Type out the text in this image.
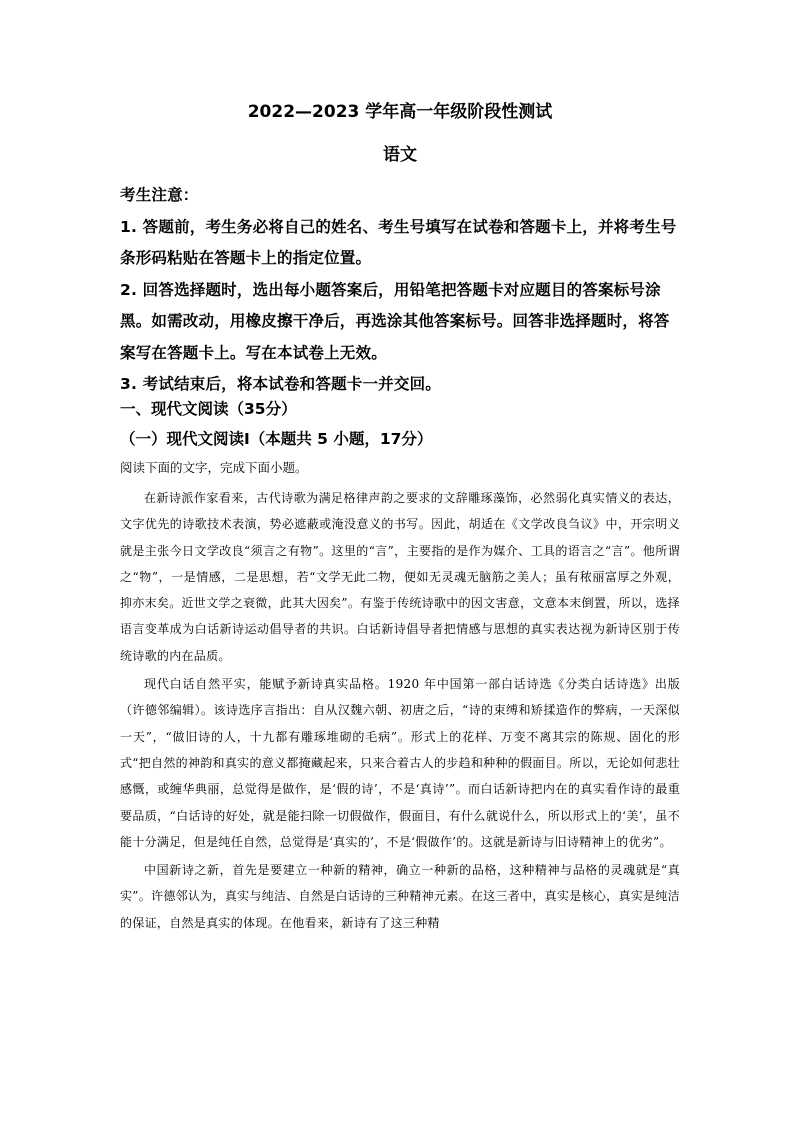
2022—2023 学年高一年级阶段性测试
语文

考生注意：

1. 答题前，考生务必将自己的姓名、考生号填写在试卷和答题卡上，并将考生号条形码粘贴在答题卡上的指定位置。

2. 回答选择题时，选出每小题答案后，用铅笔把答题卡对应题目的答案标号涂黑。如需改动，用橡皮擦干净后，再选涂其他答案标号。回答非选择题时，将答案写在答题卡上。写在本试卷上无效。

3. 考试结束后，将本试卷和答题卡一并交回。

一、现代文阅读（35分）
（一）现代文阅读Ⅰ（本题共 5 小题，17分）
阅读下面的文字，完成下面小题。

在新诗派作家看来，古代诗歌为满足格律声韵之要求的文辞雕琢藻饰，必然弱化真实情义的表达，文字优先的诗歌技术表演，势必遮蔽或淹没意义的书写。因此，胡适在《文学改良刍议》中，开宗明义就是主张今日文学改良“须言之有物”。这里的“言”，主要指的是作为媒介、工具的语言之“言”。他所谓之“物”，一是情感，二是思想，若“文学无此二物，便如无灵魂无脑筋之美人；虽有秾丽富厚之外观，抑亦末矣。近世文学之衰微，此其大因矣”。有鉴于传统诗歌中的因文害意，文意本末倒置，所以，选择语言变革成为白话新诗运动倡导者的共识。白话新诗倡导者把情感与思想的真实表达视为新诗区别于传统诗歌的内在品质。

现代白话自然平实，能赋予新诗真实品格。1920 年中国第一部白话诗选《分类白话诗选》出版（许德邻编辑）。该诗选序言指出：自从汉魏六朝、初唐之后，“诗的束缚和矫揉造作的弊病，一天深似一天”，“做旧诗的人，十九都有雕琢堆砌的毛病”。形式上的花样、万变不离其宗的陈规、固化的形式“把自然的神韵和真实的意义都掩藏起来，只来合着古人的步趋和种种的假面目。所以，无论如何悲壮感慨，或缠华典丽，总觉得是做作，是‘假的诗’，不是‘真诗’”。而白话新诗把内在的真实看作诗的最重要品质，“白话诗的好处，就是能扫除一切假做作，假面目，有什么就说什么，所以形式上的‘美’，虽不能十分满足，但是纯任自然，总觉得是‘真实的’，不是‘假做作’的。这就是新诗与旧诗精神上的优劣”。

中国新诗之新，首先是要建立一种新的精神，确立一种新的品格，这种精神与品格的灵魂就是“真实”。许德邻认为，真实与纯洁、自然是白话诗的三种精神元素。在这三者中，真实是核心，真实是纯洁的保证，自然是真实的体现。在他看来，新诗有了这三种精
